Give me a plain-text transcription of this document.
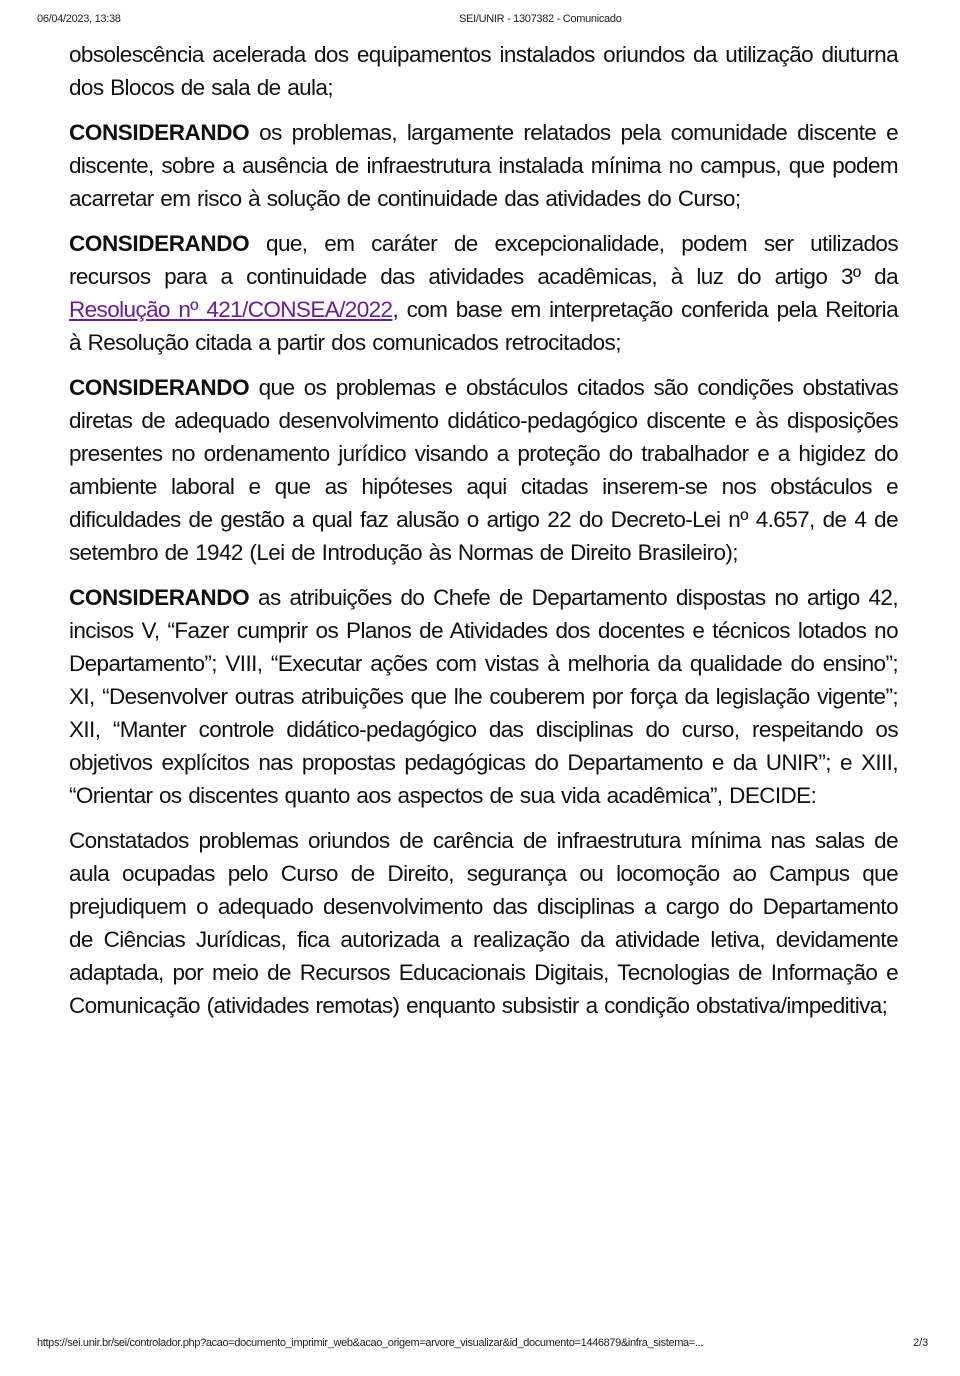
06/04/2023, 13:38	SEI/UNIR - 1307382 - Comunicado

obsolescência acelerada dos equipamentos instalados oriundos da utilização diuturna dos Blocos de sala de aula;

CONSIDERANDO os problemas, largamente relatados pela comunidade discente e discente, sobre a ausência de infraestrutura instalada mínima no campus, que podem acarretar em risco à solução de continuidade das atividades do Curso;

CONSIDERANDO que, em caráter de excepcionalidade, podem ser utilizados recursos para a continuidade das atividades acadêmicas, à luz do artigo 3º da Resolução nº 421/CONSEA/2022, com base em interpretação conferida pela Reitoria à Resolução citada a partir dos comunicados retrocitados;

CONSIDERANDO que os problemas e obstáculos citados são condições obstativas diretas de adequado desenvolvimento didático-pedagógico discente e às disposições presentes no ordenamento jurídico visando a proteção do trabalhador e a higidez do ambiente laboral e que as hipóteses aqui citadas inserem-se nos obstáculos e dificuldades de gestão a qual faz alusão o artigo 22 do Decreto-Lei nº 4.657, de 4 de setembro de 1942 (Lei de Introdução às Normas de Direito Brasileiro);

CONSIDERANDO as atribuições do Chefe de Departamento dispostas no artigo 42, incisos V, “Fazer cumprir os Planos de Atividades dos docentes e técnicos lotados no Departamento”; VIII, “Executar ações com vistas à melhoria da qualidade do ensino”; XI, “Desenvolver outras atribuições que lhe couberem por força da legislação vigente”; XII, “Manter controle didático-pedagógico das disciplinas do curso, respeitando os objetivos explícitos nas propostas pedagógicas do Departamento e da UNIR”; e XIII, “Orientar os discentes quanto aos aspectos de sua vida acadêmica”, DECIDE:

Constatados problemas oriundos de carência de infraestrutura mínima nas salas de aula ocupadas pelo Curso de Direito, segurança ou locomoção ao Campus que prejudiquem o adequado desenvolvimento das disciplinas a cargo do Departamento de Ciências Jurídicas, fica autorizada a realização da atividade letiva, devidamente adaptada, por meio de Recursos Educacionais Digitais, Tecnologias de Informação e Comunicação (atividades remotas) enquanto subsistir a condição obstativa/impeditiva;

https://sei.unir.br/sei/controlador.php?acao=documento_imprimir_web&acao_origem=arvore_visualizar&id_documento=1446879&infra_sistema=...	2/3
